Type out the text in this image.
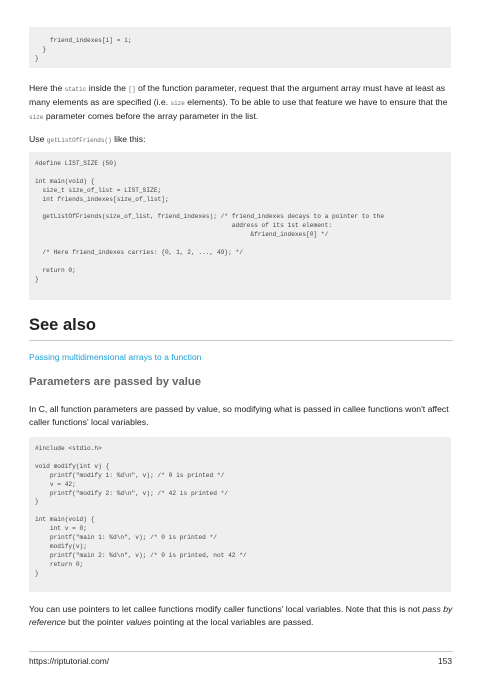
friend_indexes[i] = i;
}
}

Here the static inside the [] of the function parameter, request that the argument array must have at least as many elements as are specified (i.e. size elements). To be able to use that feature we have to ensure that the size parameter comes before the array parameter in the list.

Use getListOfFriends() like this:

#define LIST_SIZE (50)

int main(void) {
size_t size_of_list = LIST_SIZE;
int friends_indexes[size_of_list];

getListOfFriends(size_of_list, friend_indexes); /* friend_indexes decays to a pointer to the
address of its 1st element:
&friend_indexes[0] */

/* Here friend_indexes carries: {0, 1, 2, ..., 49}; */

return 0;
}
See also
Passing multidimensional arrays to a function
Parameters are passed by value

In C, all function parameters are passed by value, so modifying what is passed in callee functions won't affect caller functions' local variables.

#include <stdio.h>

void modify(int v) {
printf("modify 1: %d\n", v); /* 0 is printed */
v = 42;
printf("modify 2: %d\n", v); /* 42 is printed */
}

int main(void) {
int v = 0;
printf("main 1: %d\n", v); /* 0 is printed */
modify(v);
printf("main 2: %d\n", v); /* 0 is printed, not 42 */
return 0;
}

You can use pointers to let callee functions modify caller functions' local variables. Note that this is not pass by reference but the pointer values pointing at the local variables are passed.

https://riptutorial.com/	153
